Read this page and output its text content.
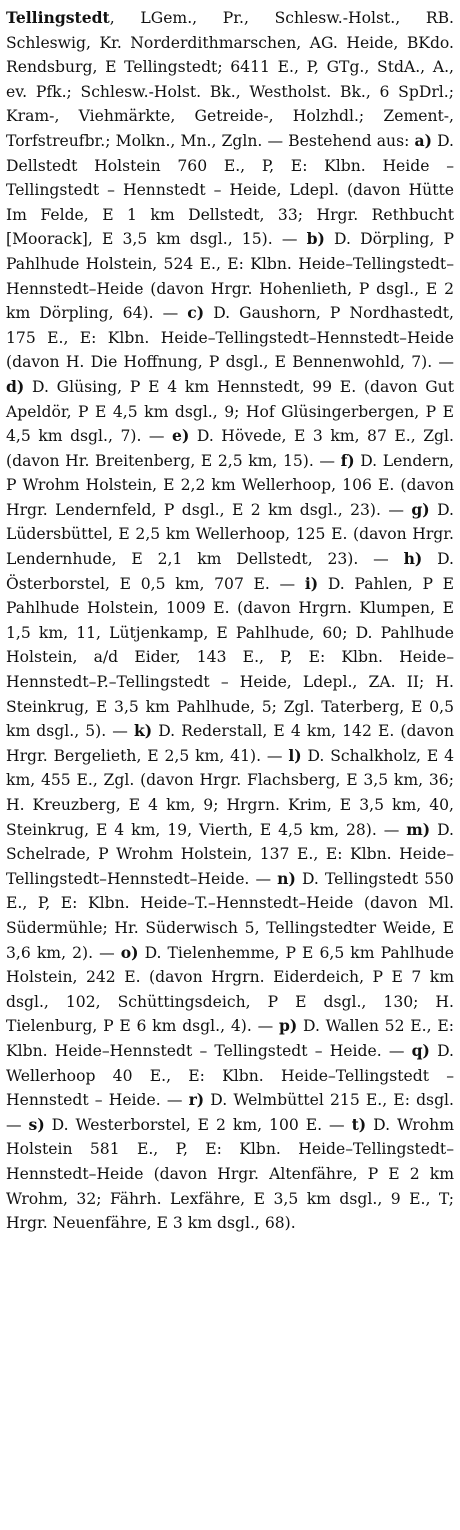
Tellingstedt, LGem., Pr., Schlesw.-Holst., RB. Schleswig, Kr. Norderdithmarschen, AG. Heide, BKdo. Rendsburg, E Tellingstedt; 6411 E., P, GTg., StdA., A., ev. Pfk.; Schlesw.-Holst. Bk., Westholst. Bk., 6 SpDrl.; Kram-, Viehmärkte, Getreide-, Holzhdl.; Zement-, Torfstreufbr.; Molkn., Mn., Zgln. — Bestehend aus: a) D. Dellstedt Holstein 760 E., P, E: Klbn. Heide – Tellingstedt – Hennstedt – Heide, Ldepl. (davon Hütte Im Felde, E 1 km Dellstedt, 33; Hrgr. Rethbucht [Moorack], E 3,5 km dsgl., 15). — b) D. Dörpling, P Pahlhude Holstein, 524 E., E: Klbn. Heide–Tellingstedt–Hennstedt–Heide (davon Hrgr. Hohenlieth, P dsgl., E 2 km Dörpling, 64). — c) D. Gaushorn, P Nordhastedt, 175 E., E: Klbn. Heide–Tellingstedt–Hennstedt–Heide (davon H. Die Hoffnung, P dsgl., E Bennenwohld, 7). — d) D. Glüsing, P E 4 km Hennstedt, 99 E. (davon Gut Apeldör, P E 4,5 km dsgl., 9; Hof Glüsingerbergen, P E 4,5 km dsgl., 7). — e) D. Hövede, E 3 km, 87 E., Zgl. (davon Hr. Breitenberg, E 2,5 km, 15). — f) D. Lendern, P Wrohm Holstein, E 2,2 km Wellerhoop, 106 E. (davon Hrgr. Lendernfeld, P dsgl., E 2 km dsgl., 23). — g) D. Lüdersbüttel, E 2,5 km Wellerhoop, 125 E. (davon Hrgr. Lendernhude, E 2,1 km Dellstedt, 23). — h) D. Österborstel, E 0,5 km, 707 E. — i) D. Pahlen, P E Pahlhude Holstein, 1009 E. (davon Hrgrn. Klumpen, E 1,5 km, 11, Lütjenkamp, E Pahlhude, 60; D. Pahlhude Holstein, a/d Eider, 143 E., P, E: Klbn. Heide–Hennstedt–P.–Tellingstedt – Heide, Ldepl., ZA. II; H. Steinkrug, E 3,5 km Pahlhude, 5; Zgl. Taterberg, E 0,5 km dsgl., 5). — k) D. Rederstall, E 4 km, 142 E. (davon Hrgr. Bergelieth, E 2,5 km, 41). — l) D. Schalkholz, E 4 km, 455 E., Zgl. (davon Hrgr. Flachsberg, E 3,5 km, 36; H. Kreuzberg, E 4 km, 9; Hrgrn. Krim, E 3,5 km, 40, Steinkrug, E 4 km, 19, Vierth, E 4,5 km, 28). — m) D. Schelrade, P Wrohm Holstein, 137 E., E: Klbn. Heide–Tellingstedt–Hennstedt–Heide. — n) D. Tellingstedt 550 E., P, E: Klbn. Heide–T.–Hennstedt–Heide (davon Ml. Südermühle; Hr. Süderwisch 5, Tellingstedter Weide, E 3,6 km, 2). — o) D. Tielenhemme, P E 6,5 km Pahlhude Holstein, 242 E. (davon Hrgrn. Eiderdeich, P E 7 km dsgl., 102, Schüttingsdeich, P E dsgl., 130; H. Tielenburg, P E 6 km dsgl., 4). — p) D. Wallen 52 E., E: Klbn. Heide–Hennstedt – Tellingstedt – Heide. — q) D. Wellerhoop 40 E., E: Klbn. Heide–Tellingstedt – Hennstedt – Heide. — r) D. Welmbüttel 215 E., E: dsgl. — s) D. Westerborstel, E 2 km, 100 E. — t) D. Wrohm Holstein 581 E., P, E: Klbn. Heide–Tellingstedt–Hennstedt–Heide (davon Hrgr. Altenfähre, P E 2 km Wrohm, 32; Fährh. Lexfähre, E 3,5 km dsgl., 9 E., T; Hrgr. Neuenfähre, E 3 km dsgl., 68).
